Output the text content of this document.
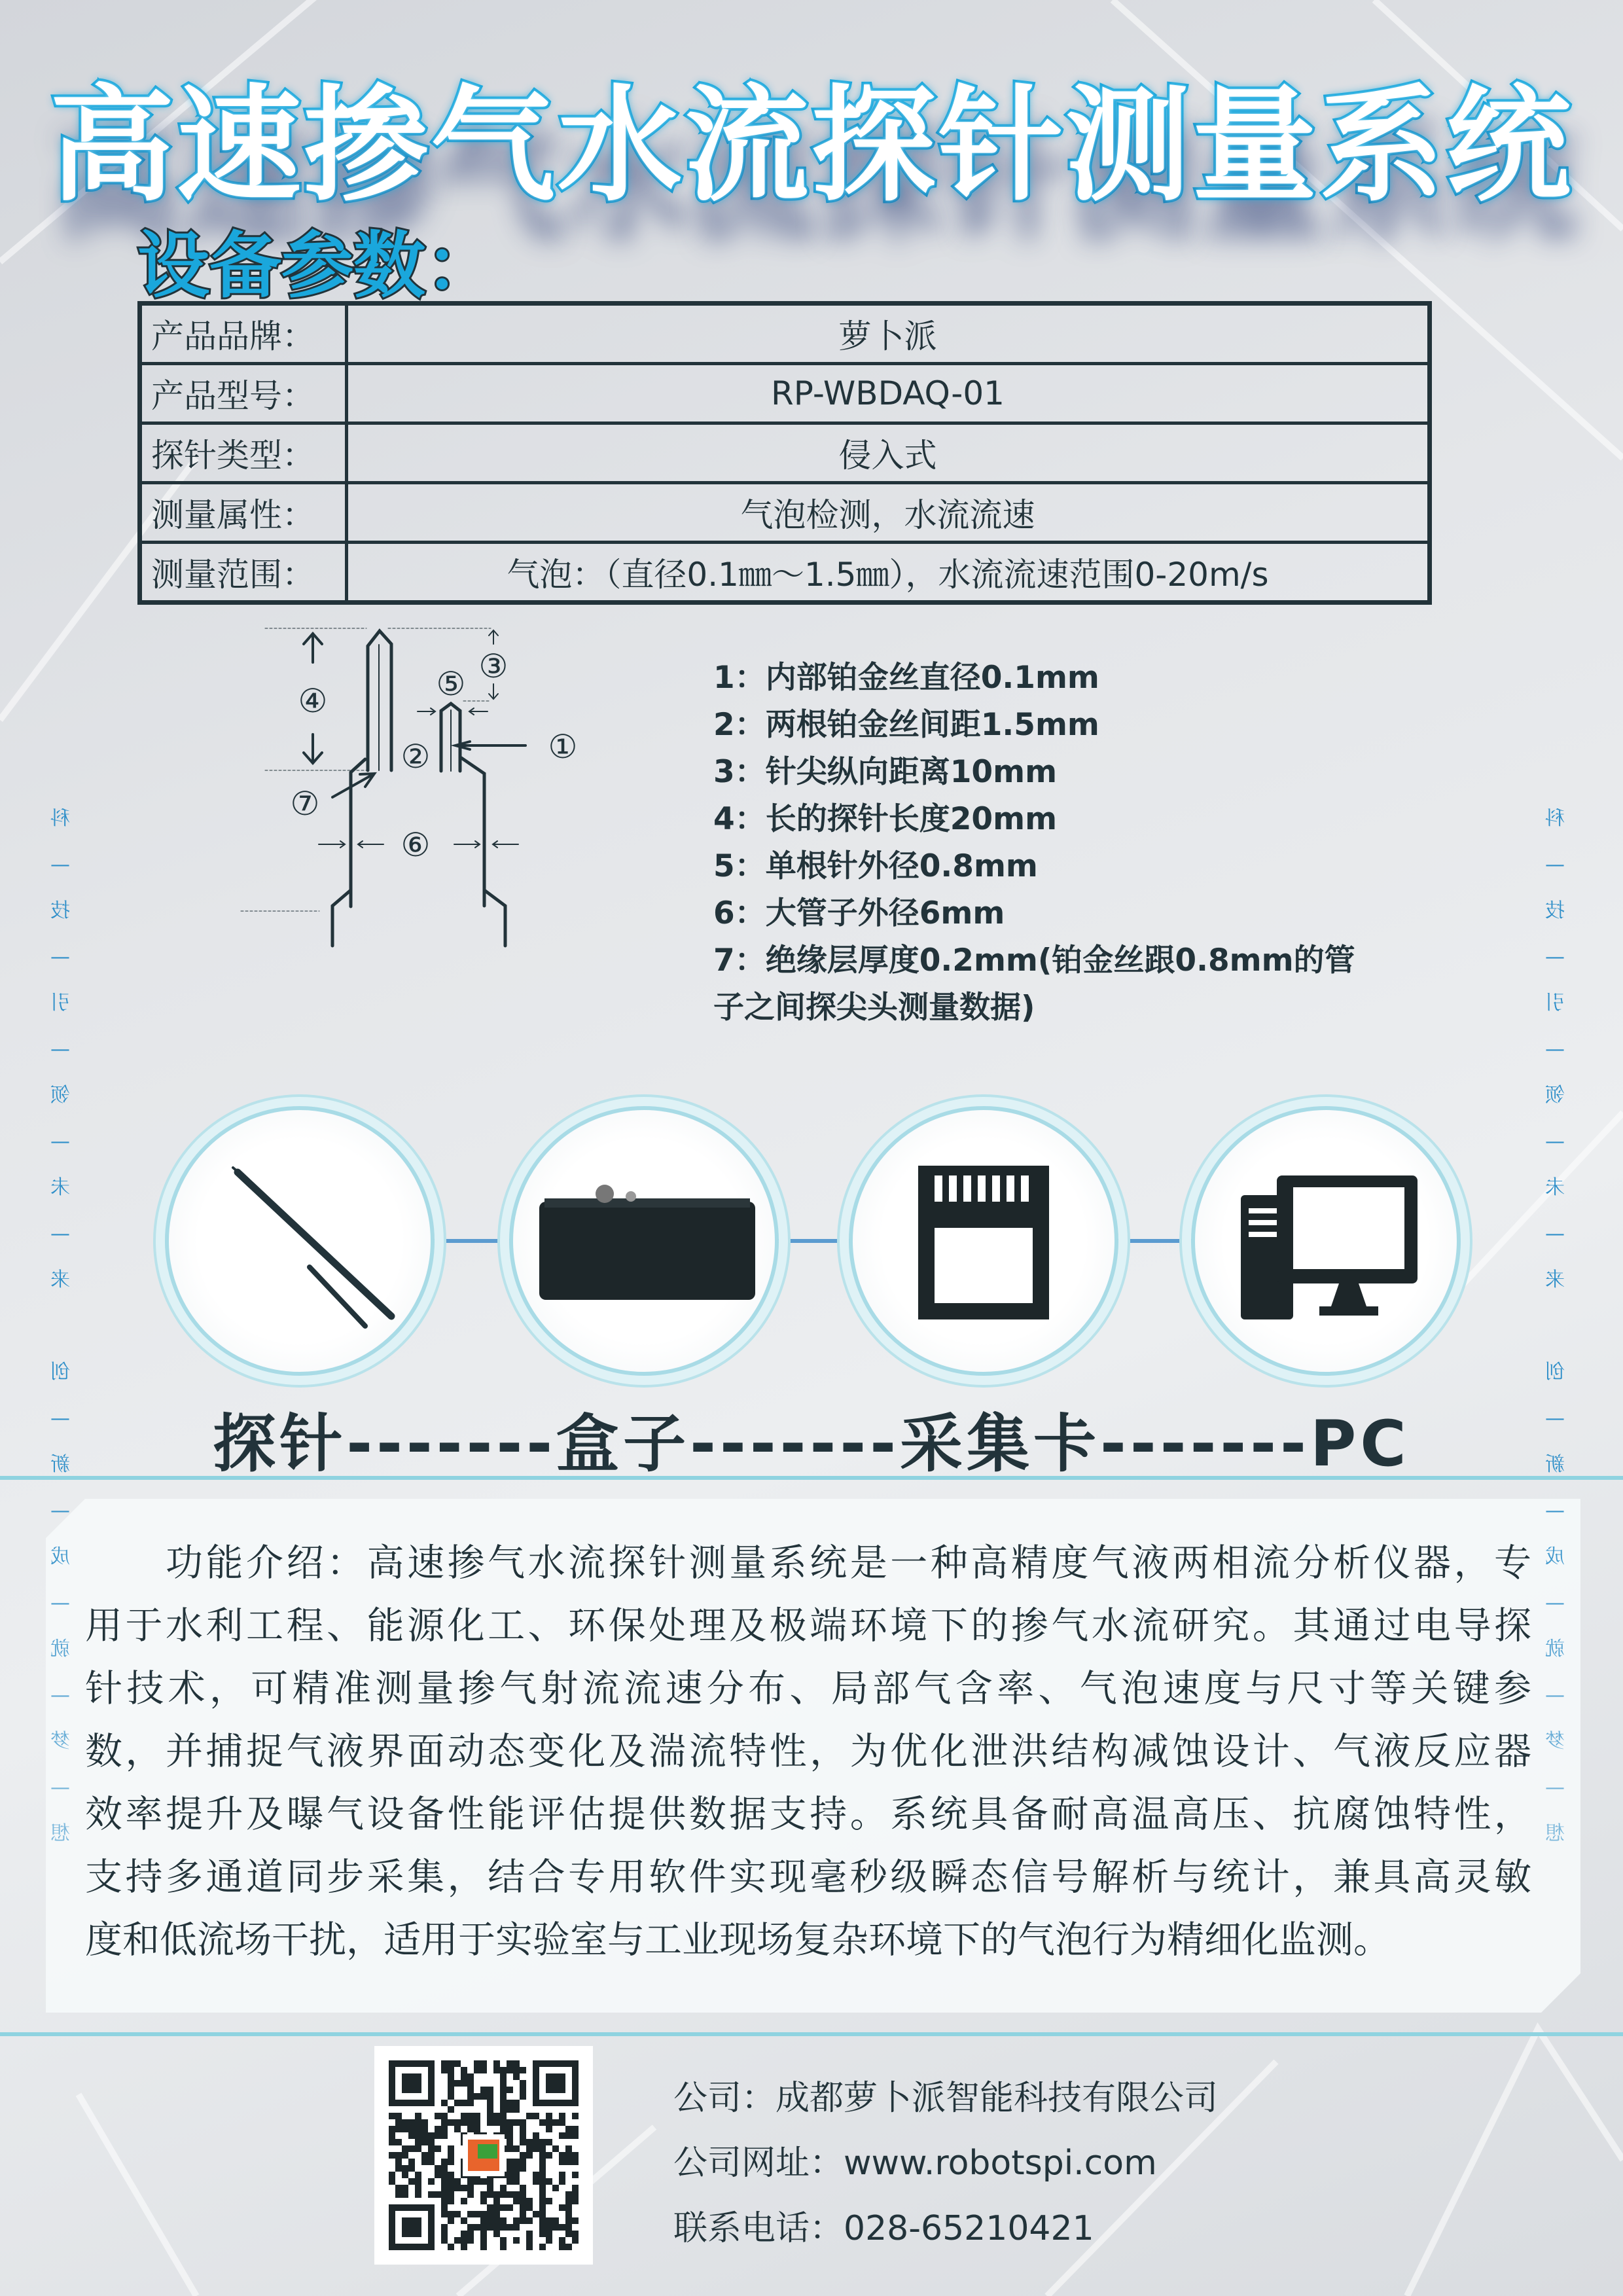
高速掺气水流探针测量系统
设备参数：
产品品牌：	萝卜派
产品型号：	RP-WBDAQ-01
探针类型：	侵入式
测量属性：	气泡检测，水流流速
测量范围：	气泡：（直径0.1㎜～1.5㎜），水流流速范围0-20m/s
①
②
③
④	⑤
⑥
⑦
1：内部铂金丝直径0.1mm
2：两根铂金丝间距1.5mm
3：针尖纵向距离10mm
4：长的探针长度20mm
5：单根针外径0.8mm
6：大管子外径6mm
7：绝缘层厚度0.2mm(铂金丝跟0.8mm的管
子之间探尖头测量数据)
探针-------盒子-------采集卡-------PC
　　功能介绍：高速掺气水流探针测量系统是一种高精度气液两相流分析仪器，专
用于水利工程、能源化工、环保处理及极端环境下的掺气水流研究。其通过电导探
针技术，可精准测量掺气射流流速分布、局部气含率、气泡速度与尺寸等关键参
数，并捕捉气液界面动态变化及湍流特性，为优化泄洪结构减蚀设计、气液反应器
效率提升及曝气设备性能评估提供数据支持。系统具备耐高温高压、抗腐蚀特性，
支持多通道同步采集，结合专用软件实现毫秒级瞬态信号解析与统计，兼具高灵敏
度和低流场干扰，适用于实验室与工业现场复杂环境下的气泡行为精细化监测。
科
—
技
—
引
—
领
—
未
—
来

创
—
新
—
成
—
就
—
梦
—
想
科
—
技
—
引
—
领
—
未
—
来

创
—
新
—
成
—
就
—
梦
—
想
公司：成都萝卜派智能科技有限公司
公司网址：www.robotspi.com
联系电话：028-65210421
